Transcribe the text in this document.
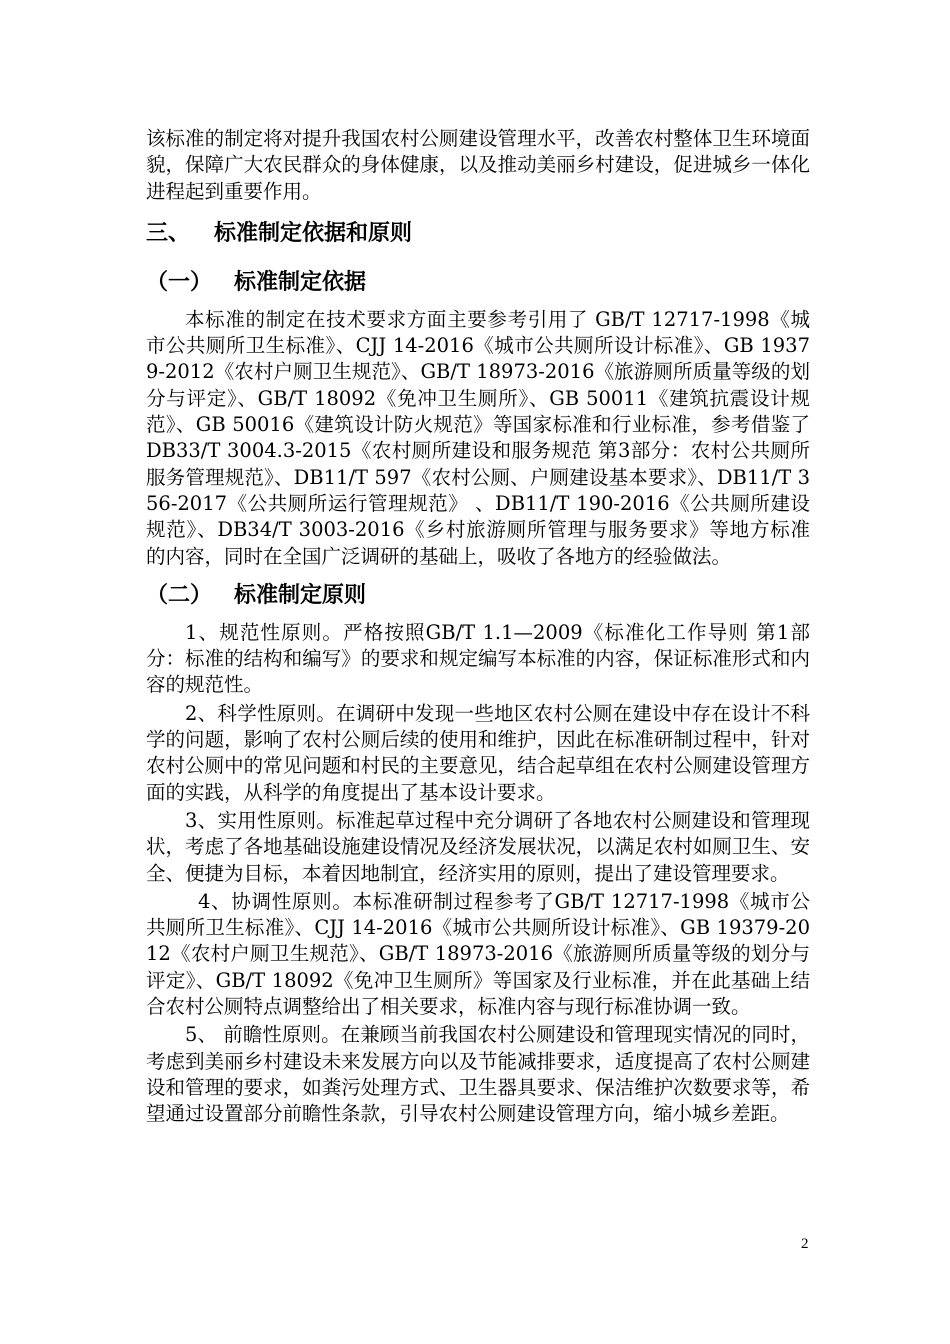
该标准的制定将对提升我国农村公厕建设管理水平，改善农村整体卫生环境面貌，保障广大农民群众的身体健康，以及推动美丽乡村建设，促进城乡一体化进程起到重要作用。

三、 标准制定依据和原则
（一） 标准制定依据

本标准的制定在技术要求方面主要参考引用了 GB/T 12717-1998《城市公共厕所卫生标准》、CJJ 14-2016《城市公共厕所设计标准》、GB 19379-2012《农村户厕卫生规范》、GB/T 18973-2016《旅游厕所质量等级的划分与评定》、GB/T 18092《免冲卫生厕所》、GB 50011《建筑抗震设计规范》、GB 50016《建筑设计防火规范》等国家标准和行业标准，参考借鉴了 DB33/T 3004.3-2015《农村厕所建设和服务规范 第3部分：农村公共厕所服务管理规范》、DB11/T 597《农村公厕、户厕建设基本要求》、DB11/T 356-2017《公共厕所运行管理规范》 、DB11/T 190-2016《公共厕所建设规范》、DB34/T 3003-2016《乡村旅游厕所管理与服务要求》等地方标准的内容，同时在全国广泛调研的基础上，吸收了各地方的经验做法。

（二） 标准制定原则

1、规范性原则。严格按照GB/T 1.1—2009《标准化工作导则 第1部分：标准的结构和编写》的要求和规定编写本标准的内容，保证标准形式和内容的规范性。

2、科学性原则。在调研中发现一些地区农村公厕在建设中存在设计不科学的问题，影响了农村公厕后续的使用和维护，因此在标准研制过程中，针对农村公厕中的常见问题和村民的主要意见，结合起草组在农村公厕建设管理方面的实践，从科学的角度提出了基本设计要求。

3、实用性原则。标准起草过程中充分调研了各地农村公厕建设和管理现状，考虑了各地基础设施建设情况及经济发展状况，以满足农村如厕卫生、安全、便捷为目标，本着因地制宜，经济实用的原则，提出了建设管理要求。

4、协调性原则。本标准研制过程参考了GB/T 12717-1998《城市公共厕所卫生标准》、CJJ 14-2016《城市公共厕所设计标准》、GB 19379-2012《农村户厕卫生规范》、GB/T 18973-2016《旅游厕所质量等级的划分与评定》、GB/T 18092《免冲卫生厕所》等国家及行业标准，并在此基础上结合农村公厕特点调整给出了相关要求，标准内容与现行标准协调一致。

5、 前瞻性原则。在兼顾当前我国农村公厕建设和管理现实情况的同时，考虑到美丽乡村建设未来发展方向以及节能减排要求，适度提高了农村公厕建设和管理的要求，如粪污处理方式、卫生器具要求、保洁维护次数要求等，希望通过设置部分前瞻性条款，引导农村公厕建设管理方向，缩小城乡差距。

2
